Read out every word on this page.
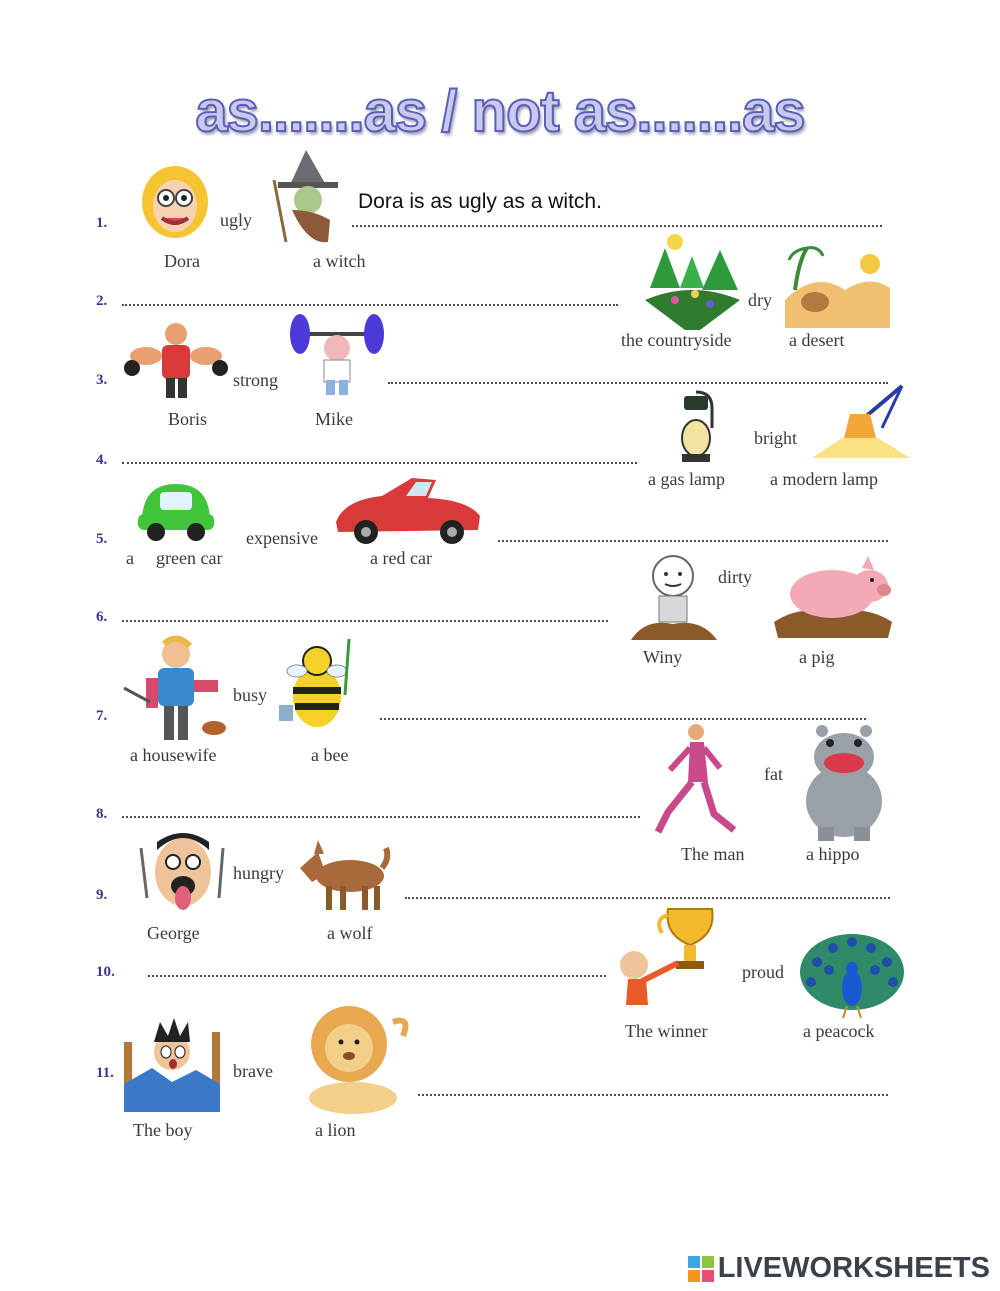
as.......as / not as.......as
1.	ugly
Dora	a witch
Dora is as ugly as a witch.
2.	dry
the countryside	a desert
3.	strong
Boris	Mike
4.
bright
a gas lamp	a modern lamp
5.	expensive
a green car	a red car
6.
dirty
Winy	a pig
7.
busy
a housewife	a bee
8.
fat
The man	a hippo
9.
hungry
George	a wolf
10.	proud
The winner	a peacock
11.	brave
The boy	a lion
LIVEWORKSHEETS
